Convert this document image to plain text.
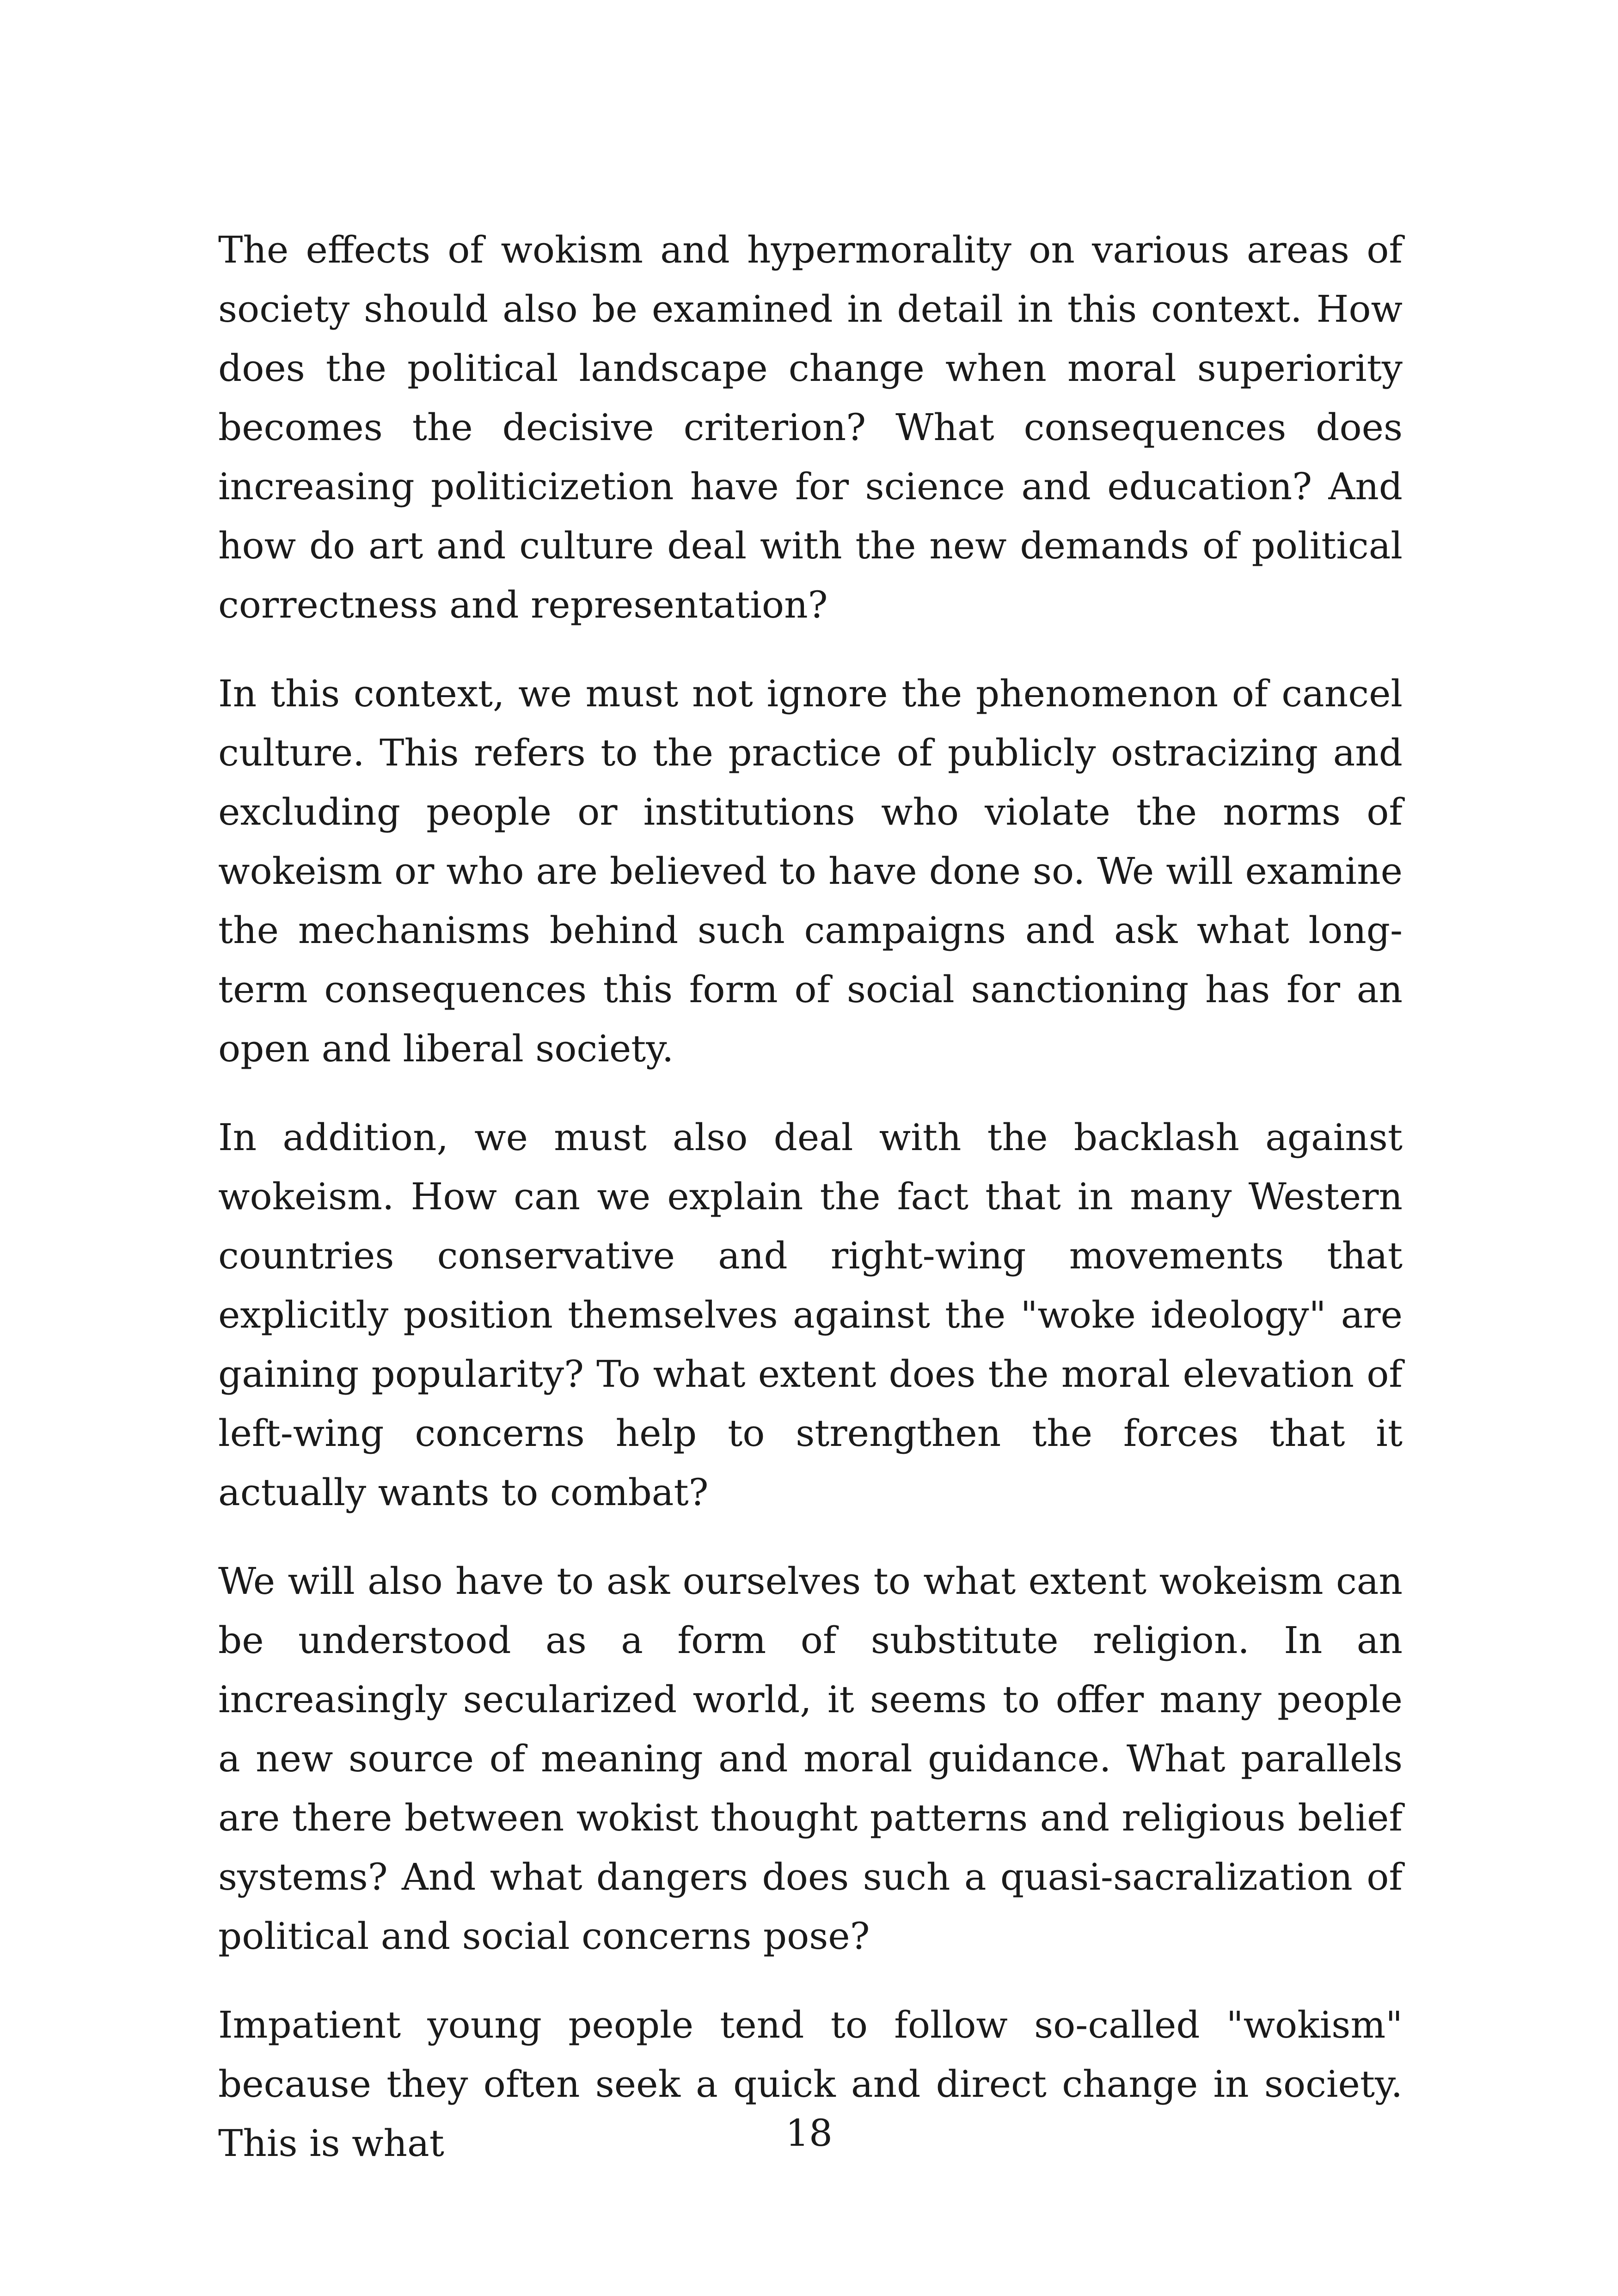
The effects of wokism and hypermorality on various areas of society should also be examined in detail in this context. How does the political landscape change when moral superiority becomes the decisive criterion? What consequences does increasing politicizetion have for science and education? And how do art and culture deal with the new demands of political correctness and representation?

In this context, we must not ignore the phenomenon of cancel culture. This refers to the practice of publicly ostracizing and excluding people or institutions who violate the norms of wokeism or who are believed to have done so. We will examine the mechanisms behind such campaigns and ask what long-term consequences this form of social sanctioning has for an open and liberal society.

In addition, we must also deal with the backlash against wokeism. How can we explain the fact that in many Western countries conservative and right-wing movements that explicitly position themselves against the "woke ideology" are gaining popularity? To what extent does the moral elevation of left-wing concerns help to strengthen the forces that it actually wants to combat?

We will also have to ask ourselves to what extent wokeism can be understood as a form of substitute religion. In an increasingly secularized world, it seems to offer many people a new source of meaning and moral guidance. What parallels are there between wokist thought patterns and religious belief systems? And what dangers does such a quasi-sacralization of political and social concerns pose?

Impatient young people tend to follow so-called "wokism" because they often seek a quick and direct change in society. This is what	18
